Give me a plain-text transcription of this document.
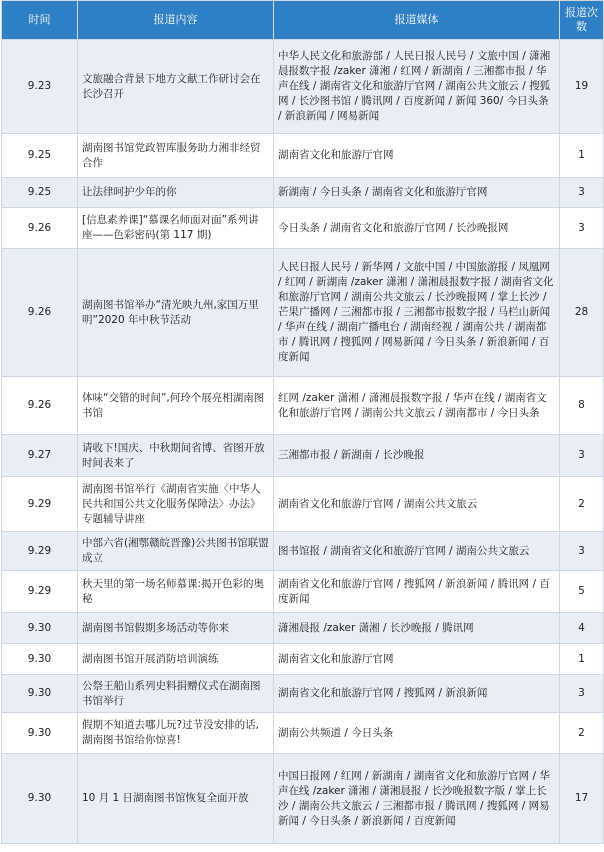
时间	报道内容	报道媒体	报道次数
9.23	文旅融合背景下地方文献工作研讨会在长沙召开	中华人民文化和旅游部 / 人民日报人民号 / 文旅中国 / 潇湘晨报数字报 /zaker 潇湘 / 红网 / 新湖南 / 三湘都市报 / 华声在线 / 湖南省文化和旅游厅官网 / 湖南公共文旅云 / 搜狐网 / 长沙图书馆 / 腾讯网 / 百度新闻 / 新闻 360/ 今日头条 / 新浪新闻 / 网易新闻	19
9.25	湖南图书馆党政智库服务助力湘非经贸合作	湖南省文化和旅游厅官网	1
9.25	让法律呵护少年的你	新湖南 / 今日头条 / 湖南省文化和旅游厅官网	3
9.26	[信息素养课]“慕课名师面对面”系列讲座——色彩密码(第 117 期)	今日头条 / 湖南省文化和旅游厅官网 / 长沙晚报网	3
9.26	湖南图书馆举办“清光映九州,家国万里明”2020 年中秋节活动	人民日报人民号 / 新华网 / 文旅中国 / 中国旅游报 / 凤凰网 / 红网 / 新湖南 /zaker 潇湘 / 潇湘晨报数字报 / 湖南省文化和旅游厅官网 / 湖南公共文旅云 / 长沙晚报网 / 掌上长沙 / 芒果广播网 / 三湘都市报 / 三湘都市报数字报 / 马栏山新闻 / 华声在线 / 湖南广播电台 / 湖南经视 / 湖南公共 / 湖南都市 / 腾讯网 / 搜狐网 / 网易新闻 / 今日头条 / 新浪新闻 / 百度新闻	28
9.26	体味“交错的时间”,何玲个展亮相湖南图书馆	红网 /zaker 潇湘 / 潇湘晨报数字报 / 华声在线 / 湖南省文化和旅游厅官网 / 湖南公共文旅云 / 湖南都市 / 今日头条	8
9.27	请收下!国庆、中秋期间省博、省图开放时间表来了	三湘都市报 / 新湖南 / 长沙晚报	3
9.29	湖南图书馆举行《湖南省实施〈中华人民共和国公共文化服务保障法〉办法》专题辅导讲座	湖南省文化和旅游厅官网 / 湖南公共文旅云	2
9.29	中部六省(湘鄂赣皖晋豫)公共图书馆联盟成立	图书馆报 / 湖南省文化和旅游厅官网 / 湖南公共文旅云	3
9.29	秋天里的第一场名师慕课:揭开色彩的奥秘	湖南省文化和旅游厅官网 / 搜狐网 / 新浪新闻 / 腾讯网 / 百度新闻	5
9.30	湖南图书馆假期多场活动等你来	潇湘晨报 /zaker 潇湘 / 长沙晚报 / 腾讯网	4
9.30	湖南图书馆开展消防培训演练	湖南省文化和旅游厅官网	1
9.30	公祭王船山系列史料捐赠仪式在湖南图书馆举行	湖南省文化和旅游厅官网 / 搜狐网 / 新浪新闻	3
9.30	假期不知道去哪儿玩?过节没安排的话,湖南图书馆给你惊喜!	湖南公共频道 / 今日头条	2
9.30	10 月 1 日湖南图书馆恢复全面开放	中国日报网 / 红网 / 新湖南 / 湖南省文化和旅游厅官网 / 华声在线 /zaker 潇湘 / 潇湘晨报 / 长沙晚报数字版 / 掌上长沙 / 湖南公共文旅云 / 三湘都市报 / 腾讯网 / 搜狐网 / 网易新闻 / 今日头条 / 新浪新闻 / 百度新闻	17
